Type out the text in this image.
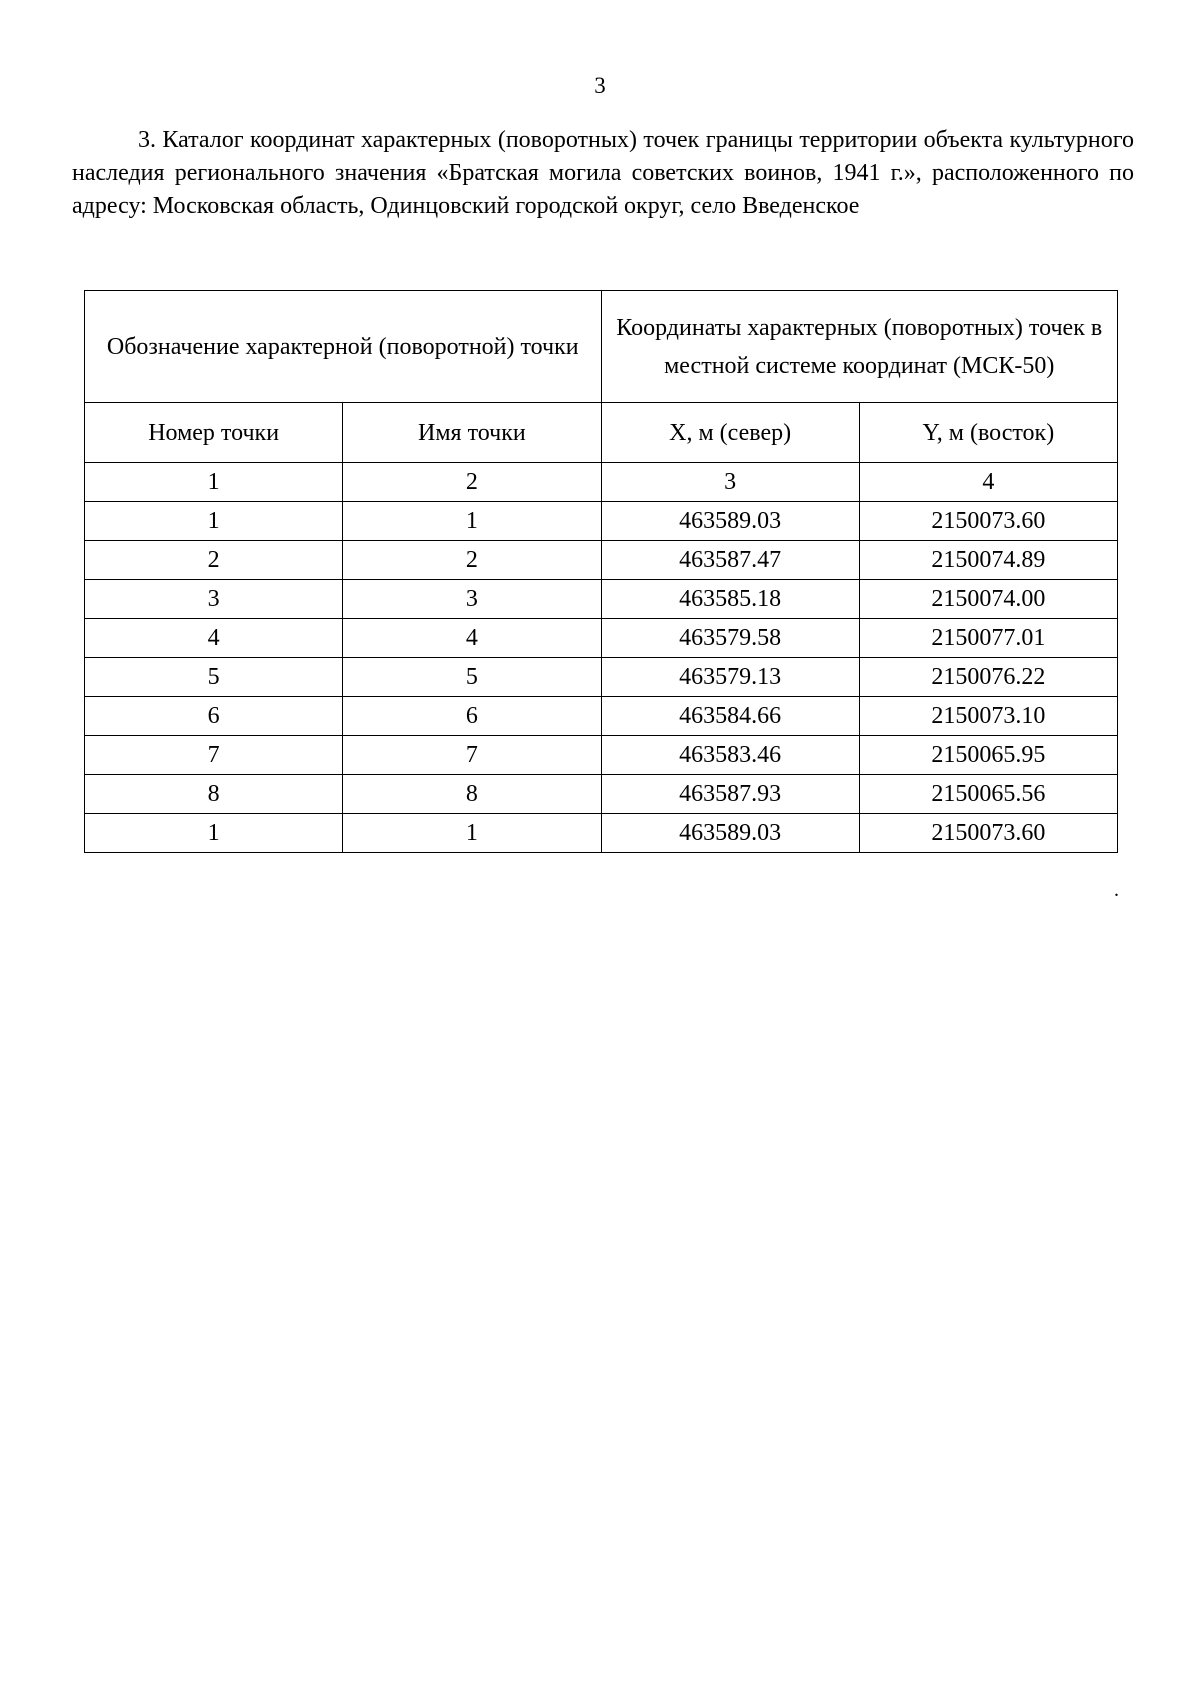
3

3. Каталог координат характерных (поворотных) точек границы территории объекта культурного наследия регионального значения «Братская могила советских воинов, 1941 г.», расположенного по адресу: Московская область, Одинцовский городской округ, село Введенское

Обозначение характерной (поворотной) точки		Координаты характерных (поворотных) точек в местной системе координат (МСК-50)	
Номер точки	Имя точки	X, м (север)	Y, м (восток)
1	2	3	4
1	1	463589.03	2150073.60
2	2	463587.47	2150074.89
3	3	463585.18	2150074.00
4	4	463579.58	2150077.01
5	5	463579.13	2150076.22
6	6	463584.66	2150073.10
7	7	463583.46	2150065.95
8	8	463587.93	2150065.56
1	1	463589.03	2150073.60
.
